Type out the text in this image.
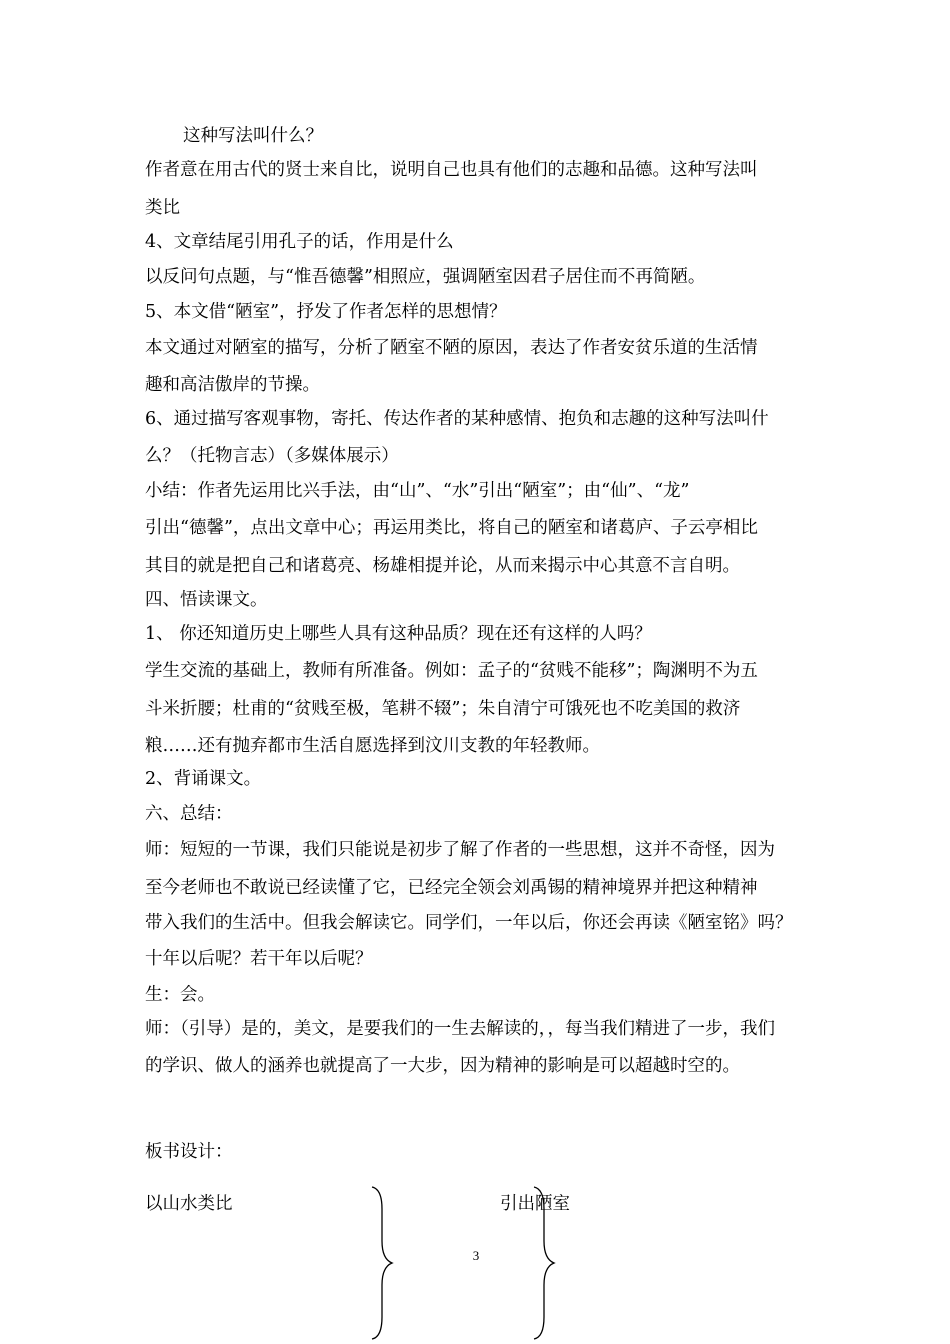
这种写法叫什么？
作者意在用古代的贤士来自比，说明自己也具有他们的志趣和品德。这种写法叫
类比
4、文章结尾引用孔子的话，作用是什么
以反问句点题，与“惟吾德馨”相照应，强调陋室因君子居住而不再简陋。
5、本文借“陋室”，抒发了作者怎样的思想情？
本文通过对陋室的描写，分析了陋室不陋的原因，表达了作者安贫乐道的生活情
趣和高洁傲岸的节操。
6、通过描写客观事物，寄托、传达作者的某种感情、抱负和志趣的这种写法叫什
么？（托物言志）（多媒体展示）
小结：作者先运用比兴手法，由“山”、“水”引出“陋室”；由“仙”、“龙”
引出“德馨”，点出文章中心；再运用类比，将自己的陋室和诸葛庐、子云亭相比
其目的就是把自己和诸葛亮、杨雄相提并论，从而来揭示中心其意不言自明。
四、悟读课文。
1、 你还知道历史上哪些人具有这种品质？现在还有这样的人吗？
学生交流的基础上，教师有所准备。例如：孟子的“贫贱不能移”；陶渊明不为五
斗米折腰；杜甫的“贫贱至极，笔耕不辍”；朱自清宁可饿死也不吃美国的救济
粮……还有抛弃都市生活自愿选择到汶川支教的年轻教师。
2、背诵课文。
六、总结：
师：短短的一节课，我们只能说是初步了解了作者的一些思想，这并不奇怪，因为
至今老师也不敢说已经读懂了它，已经完全领会刘禹锡的精神境界并把这种精神
带入我们的生活中。但我会解读它。同学们，一年以后，你还会再读《陋室铭》吗？
十年以后呢？若干年以后呢？
生：会。
师：（引导）是的，美文，是要我们的一生去解读的，，每当我们精进了一步，我们
的学识、做人的涵养也就提高了一大步，因为精神的影响是可以超越时空的。
板书设计：
以山水类比	引出陋室
3
